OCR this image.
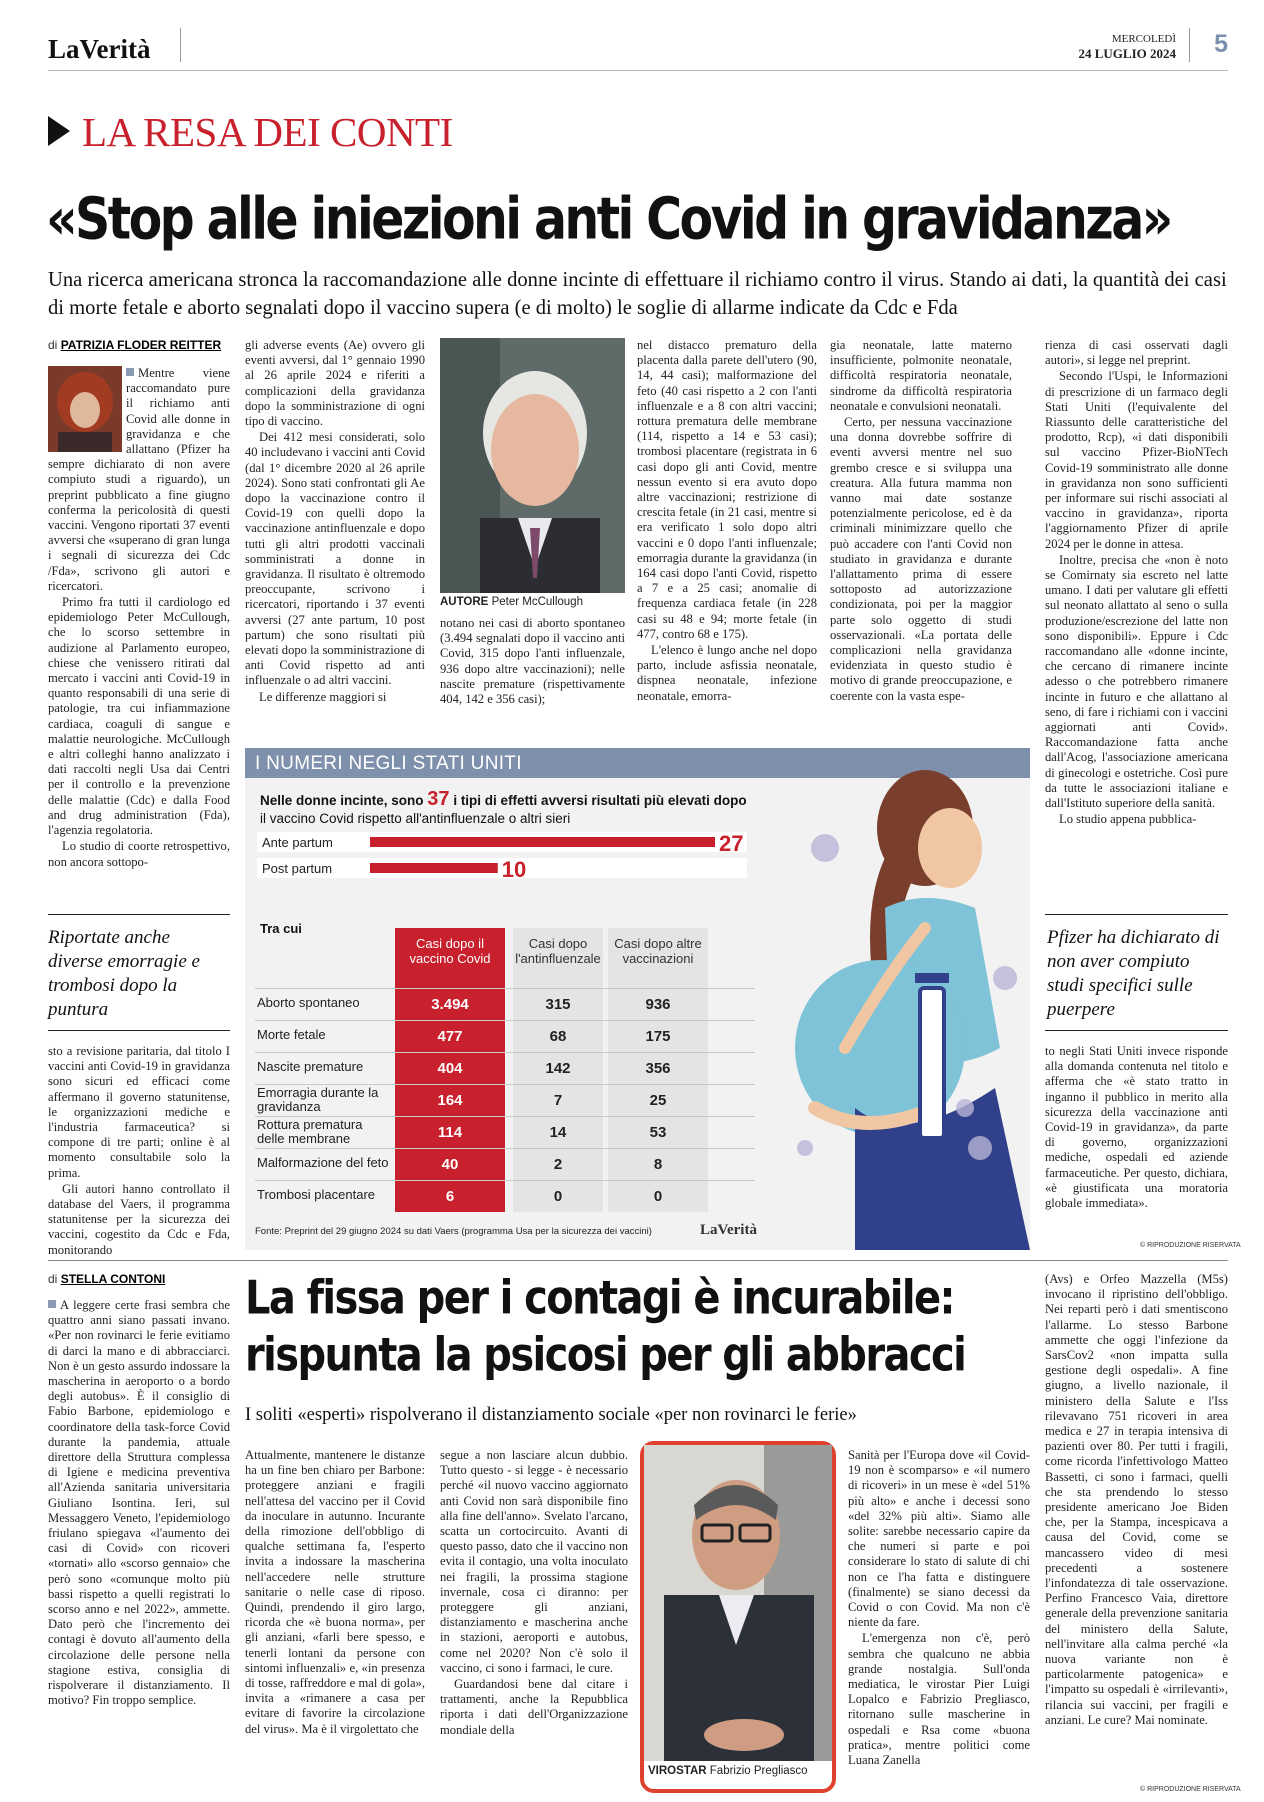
LaVerità	MERCOLEDÌ
24 LUGLIO 2024 5
LA RESA DEI CONTI
«Stop alle iniezioni anti Covid in gravidanza»
Una ricerca americana stronca la raccomandazione alle donne incinte di effettuare il richiamo contro il virus. Stando ai dati, la quantità dei casi di morte fetale e aborto segnalati dopo il vaccino supera (e di molto) le soglie di allarme indicate da Cdc e Fda
di PATRIZIA FLODER REITTER

Mentre viene raccomandato pure il richiamo anti Covid alle donne in gravidanza e che allattano (Pfizer ha sempre dichiarato di non avere compiuto studi a riguardo), un preprint pubblicato a fine giugno conferma la pericolosità di questi vaccini. Vengono riportati 37 eventi avversi che «superano di gran lunga i segnali di sicurezza dei Cdc /Fda», scrivono gli autori e ricercatori.

Primo fra tutti il cardiologo ed epidemiologo Peter McCullough, che lo scorso settembre in audizione al Parlamento europeo, chiese che venissero ritirati dal mercato i vaccini anti Covid-19 in quanto responsabili di una serie di patologie, tra cui infiammazione cardiaca, coaguli di sangue e malattie neurologiche. McCullough e altri colleghi hanno analizzato i dati raccolti negli Usa dai Centri per il controllo e la prevenzione delle malattie (Cdc) e dalla Food and drug administration (Fda), l'agenzia regolatoria.

Lo studio di coorte retrospettivo, non ancora sottopo-

gli adverse events (Ae) ovvero gli eventi avversi, dal 1° gennaio 1990 al 26 aprile 2024 e riferiti a complicazioni della gravidanza dopo la somministrazione di ogni tipo di vaccino.

Dei 412 mesi considerati, solo 40 includevano i vaccini anti Covid (dal 1° dicembre 2020 al 26 aprile 2024). Sono stati confrontati gli Ae dopo la vaccinazione contro il Covid-19 con quelli dopo la vaccinazione antinfluenzale e dopo tutti gli altri prodotti vaccinali somministrati a donne in gravidanza. Il risultato è oltremodo preoccupante, scrivono i ricercatori, riportando i 37 eventi avversi (27 ante partum, 10 post partum) che sono risultati più elevati dopo la somministrazione di anti Covid rispetto ad anti influenzale o ad altri vaccini.

Le differenze maggiori si

AUTORE Peter McCullough

notano nei casi di aborto spontaneo (3.494 segnalati dopo il vaccino anti Covid, 315 dopo l'anti influenzale, 936 dopo altre vaccinazioni); nelle nascite premature (rispettivamente 404, 142 e 356 casi);

nel distacco prematuro della placenta dalla parete dell'utero (90, 14, 44 casi); malformazione del feto (40 casi rispetto a 2 con l'anti influenzale e a 8 con altri vaccini; rottura prematura delle membrane (114, rispetto a 14 e 53 casi); trombosi placentare (registrata in 6 casi dopo gli anti Covid, mentre nessun evento si era avuto dopo altre vaccinazioni; restrizione di crescita fetale (in 21 casi, mentre si era verificato 1 solo dopo altri vaccini e 0 dopo l'anti influenzale; emorragia durante la gravidanza (in 164 casi dopo l'anti Covid, rispetto a 7 e a 25 casi; anomalie di frequenza cardiaca fetale (in 228 casi su 48 e 94; morte fetale (in 477, contro 68 e 175).

L'elenco è lungo anche nel dopo parto, include asfissia neonatale, dispnea neonatale, infezione neonatale, emorra-

gia neonatale, latte materno insufficiente, polmonite neonatale, difficoltà respiratoria neonatale, sindrome da difficoltà respiratoria neonatale e convulsioni neonatali.

Certo, per nessuna vaccinazione una donna dovrebbe soffrire di eventi avversi mentre nel suo grembo cresce e si sviluppa una creatura. Alla futura mamma non vanno mai date sostanze potenzialmente pericolose, ed è da criminali minimizzare quello che può accadere con l'anti Covid non studiato in gravidanza e durante l'allattamento prima di essere sottoposto ad autorizzazione condizionata, poi per la maggior parte solo oggetto di studi osservazionali. «La portata delle complicazioni nella gravidanza evidenziata in questo studio è motivo di grande preoccupazione, e coerente con la vasta espe-

rienza di casi osservati dagli autori», si legge nel preprint.

Secondo l'Uspi, le Informazioni di prescrizione di un farmaco degli Stati Uniti (l'equivalente del Riassunto delle caratteristiche del prodotto, Rcp), «i dati disponibili sul vaccino Pfizer-BioNTech Covid-19 somministrato alle donne in gravidanza non sono sufficienti per informare sui rischi associati al vaccino in gravidanza», riporta l'aggiornamento Pfizer di aprile 2024 per le donne in attesa.

Inoltre, precisa che «non è noto se Comirnaty sia escreto nel latte umano. I dati per valutare gli effetti sul neonato allattato al seno o sulla produzione/escrezione del latte non sono disponibili». Eppure i Cdc raccomandano alle «donne incinte, che cercano di rimanere incinte adesso o che potrebbero rimanere incinte in futuro e che allattano al seno, di fare i richiami con i vaccini aggiornati anti Covid». Raccomandazione fatta anche dall'Acog, l'associazione americana di ginecologi e ostetriche. Così pure da tutte le associazioni italiane e dall'Istituto superiore della sanità.

Lo studio appena pubblica-

Riportate anche diverse emorragie e trombosi dopo la puntura
Pfizer ha dichiarato di non aver compiuto studi specifici sulle puerpere

sto a revisione paritaria, dal titolo I vaccini anti Covid-19 in gravidanza sono sicuri ed efficaci come affermano il governo statunitense, le organizzazioni mediche e l'industria farmaceutica? si compone di tre parti; online è al momento consultabile solo la prima.

Gli autori hanno controllato il database del Vaers, il programma statunitense per la sicurezza dei vaccini, cogestito da Cdc e Fda, monitorando

to negli Stati Uniti invece risponde alla domanda contenuta nel titolo e afferma che «è stato tratto in inganno il pubblico in merito alla sicurezza della vaccinazione anti Covid-19 in gravidanza», da parte di governo, organizzazioni mediche, ospedali ed aziende farmaceutiche. Per questo, dichiara, «è giustificata una moratoria globale immediata».

© RIPRODUZIONE RISERVATA
I NUMERI NEGLI STATI UNITI
Nelle donne incinte, sono 37 i tipi di effetti avversi risultati più elevati dopo
il vaccino Covid rispetto all'antinfluenzale o altri sieri
Ante partum	27
Post partum	10
Tra cui
Casi dopo il vaccino Covid
Casi dopo l'antinfluenzale
Casi dopo altre vaccinazioni
Aborto spontaneo	3.494	315	936
Morte fetale	477	68	175
Nascite premature	404	142	356
Emorragia durante la gravidanza	164	7	25
Rottura prematura delle membrane	114	14	53
Malformazione del feto	40	2	8
Trombosi placentare	6	0	0
Fonte: Preprint del 29 giugno 2024 su dati Vaers (programma Usa per la sicurezza dei vaccini)	LaVerità
di STELLA CONTONI La fissa per i contagi è incurabile:
rispunta la psicosi per gli abbracci
I soliti «esperti» rispolverano il distanziamento sociale «per non rovinarci le ferie»

A leggere certe frasi sembra che quattro anni siano passati invano. «Per non rovinarci le ferie evitiamo di darci la mano e di abbracciarci. Non è un gesto assurdo indossare la mascherina in aeroporto o a bordo degli autobus». È il consiglio di Fabio Barbone, epidemiologo e coordinatore della task-force Covid durante la pandemia, attuale direttore della Struttura complessa di Igiene e medicina preventiva all'Azienda sanitaria universitaria Giuliano Isontina. Ieri, sul Messaggero Veneto, l'epidemiologo friulano spiegava «l'aumento dei casi di Covid» con ricoveri «tornati» allo «scorso gennaio» che però sono «comunque molto più bassi rispetto a quelli registrati lo scorso anno e nel 2022», ammette. Dato però che l'incremento dei contagi è dovuto all'aumento della circolazione delle persone nella stagione estiva, consiglia di rispolverare il distanziamento. Il motivo? Fin troppo semplice.

Attualmente, mantenere le distanze ha un fine ben chiaro per Barbone: proteggere anziani e fragili nell'attesa del vaccino per il Covid da inoculare in autunno. Incurante della rimozione dell'obbligo di qualche settimana fa, l'esperto invita a indossare la mascherina nell'accedere nelle strutture sanitarie o nelle case di riposo. Quindi, prendendo il giro largo, ricorda che «è buona norma», per gli anziani, «farli bere spesso, e tenerli lontani da persone con sintomi influenzali» e, «in presenza di tosse, raffreddore e mal di gola», invita a «rimanere a casa per evitare di favorire la circolazione del virus». Ma è il virgolettato che

segue a non lasciare alcun dubbio. Tutto questo - si legge - è necessario perché «il nuovo vaccino aggiornato anti Covid non sarà disponibile fino alla fine dell'anno». Svelato l'arcano, scatta un cortocircuito. Avanti di questo passo, dato che il vaccino non evita il contagio, una volta inoculato nei fragili, la prossima stagione invernale, cosa ci diranno: per proteggere gli anziani, distanziamento e mascherina anche in stazioni, aeroporti e autobus, come nel 2020? Non c'è solo il vaccino, ci sono i farmaci, le cure.

Guardandosi bene dal citare i trattamenti, anche la Repubblica riporta i dati dell'Organizzazione mondiale della

VIROSTAR Fabrizio Pregliasco

Sanità per l'Europa dove «il Covid-19 non è scomparso» e «il numero di ricoveri» in un mese è «del 51% più alto» e anche i decessi sono «del 32% più alti». Siamo alle solite: sarebbe necessario capire da che numeri si parte e poi considerare lo stato di salute di chi non ce l'ha fatta e distinguere (finalmente) se siano decessi da Covid o con Covid. Ma non c'è niente da fare.

L'emergenza non c'è, però sembra che qualcuno ne abbia grande nostalgia. Sull'onda mediatica, le virostar Pier Luigi Lopalco e Fabrizio Pregliasco, ritornano sulle mascherine in ospedali e Rsa come «buona pratica», mentre politici come Luana Zanella

(Avs) e Orfeo Mazzella (M5s) invocano il ripristino dell'obbligo. Nei reparti però i dati smentiscono l'allarme. Lo stesso Barbone ammette che oggi l'infezione da SarsCov2 «non impatta sulla gestione degli ospedali». A fine giugno, a livello nazionale, il ministero della Salute e l'Iss rilevavano 751 ricoveri in area medica e 27 in terapia intensiva di pazienti over 80. Per tutti i fragili, come ricorda l'infettivologo Matteo Bassetti, ci sono i farmaci, quelli che sta prendendo lo stesso presidente americano Joe Biden che, per la Stampa, incespicava a causa del Covid, come se mancassero video di mesi precedenti a sostenere l'infondatezza di tale osservazione. Perfino Francesco Vaia, direttore generale della prevenzione sanitaria del ministero della Salute, nell'invitare alla calma perché «la nuova variante non è particolarmente patogenica» e l'impatto su ospedali è «irrilevanti», rilancia sui vaccini, per fragili e anziani. Le cure? Mai nominate.

© RIPRODUZIONE RISERVATA
